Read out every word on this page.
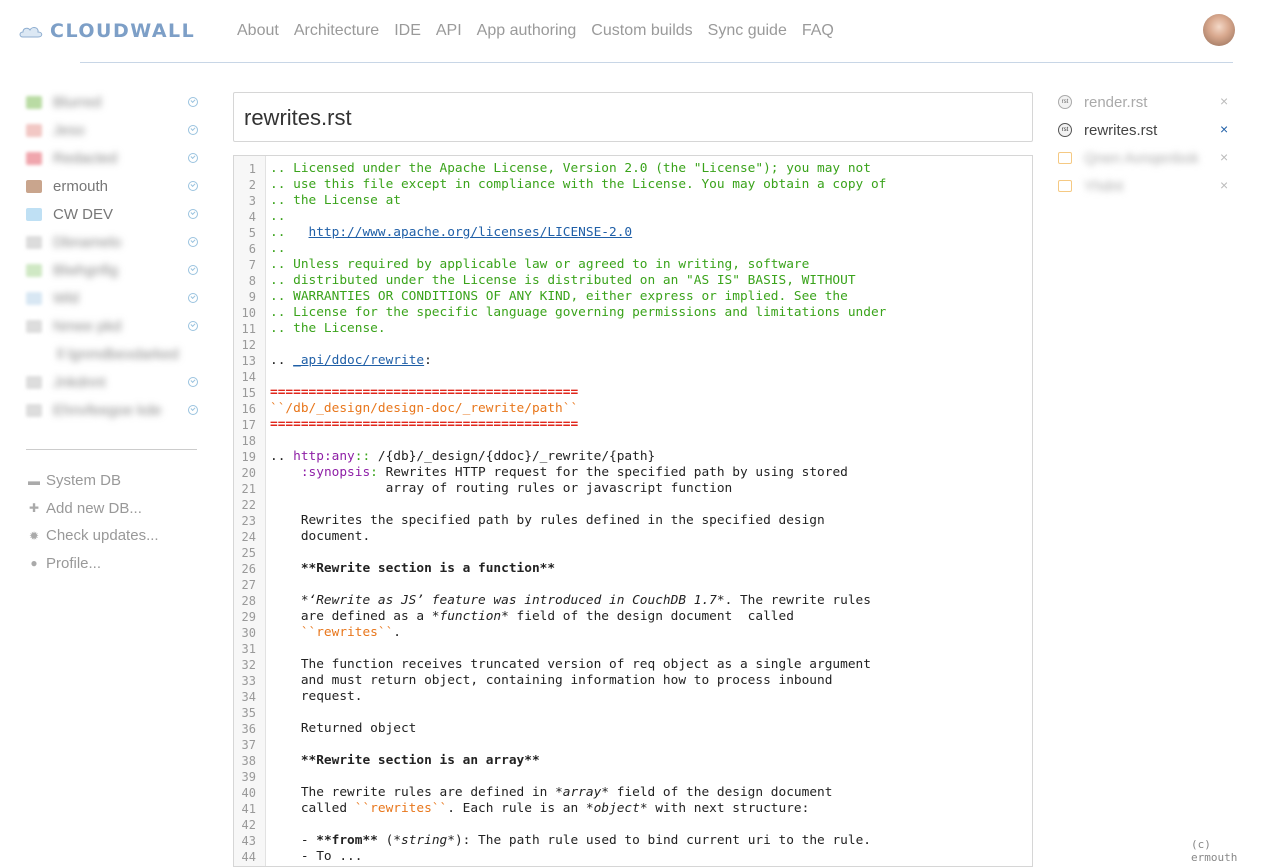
CLOUDWALL	About Architecture IDE API App authoring Custom builds Sync guide FAQ
Blurred
Jeso
Redacted
ermouth
CW DEV
Dbnamelo
Blwhgnfig
Wld
Nmee pkd
ll lgnmdbexdarked
Jnkdnnt
Ehnvfeegoe kde
▬ System DB
✚ Add new DB...
✹ Check updates...
● Profile...
rewrites.rst
1 .. Licensed under the Apache License, Version 2.0 (the "License"); you may not
2 .. use this file except in compliance with the License. You may obtain a copy of
3 .. the License at
4 ..
5 ..   http://www.apache.org/licenses/LICENSE-2.0
6 ..
7 .. Unless required by applicable law or agreed to in writing, software
8 .. distributed under the License is distributed on an "AS IS" BASIS, WITHOUT
9 .. WARRANTIES OR CONDITIONS OF ANY KIND, either express or implied. See the
10 .. License for the specific language governing permissions and limitations under
11 .. the License.
12
13 .. _api/ddoc/rewrite:
14
15 ========================================
16 ``/db/_design/design-doc/_rewrite/path``
17 ========================================
18
19 .. http:any:: /{db}/_design/{ddoc}/_rewrite/{path}
20	:synopsis: Rewrites HTTP request for the specified path by using stored
21 array of routing rules or javascript function
22
23 Rewrites the specified path by rules defined in the specified design
24 document.
25
26 **Rewrite section is a function**
27
28 *‘Rewrite as JS’ feature was introduced in CouchDB 1.7*. The rewrite rules
29 are defined as a *function* field of the design document  called
30 ``rewrites``.
31
32 The function receives truncated version of req object as a single argument
33 and must return object, containing information how to process inbound
34 request.
35
36 Returned object
37
38 **Rewrite section is an array**
39
40 The rewrite rules are defined in *array* field of the design document
41 called ``rewrites``. Each rule is an *object* with next structure:
42
43 - **from** (*string*): The path rule used to bind current uri to the rule.
44 - To ...
rst render.rst	×
rst rewrites.rst	×
Qnen Avnqenbok ×
Yhdnt	×
(c) ermouth
